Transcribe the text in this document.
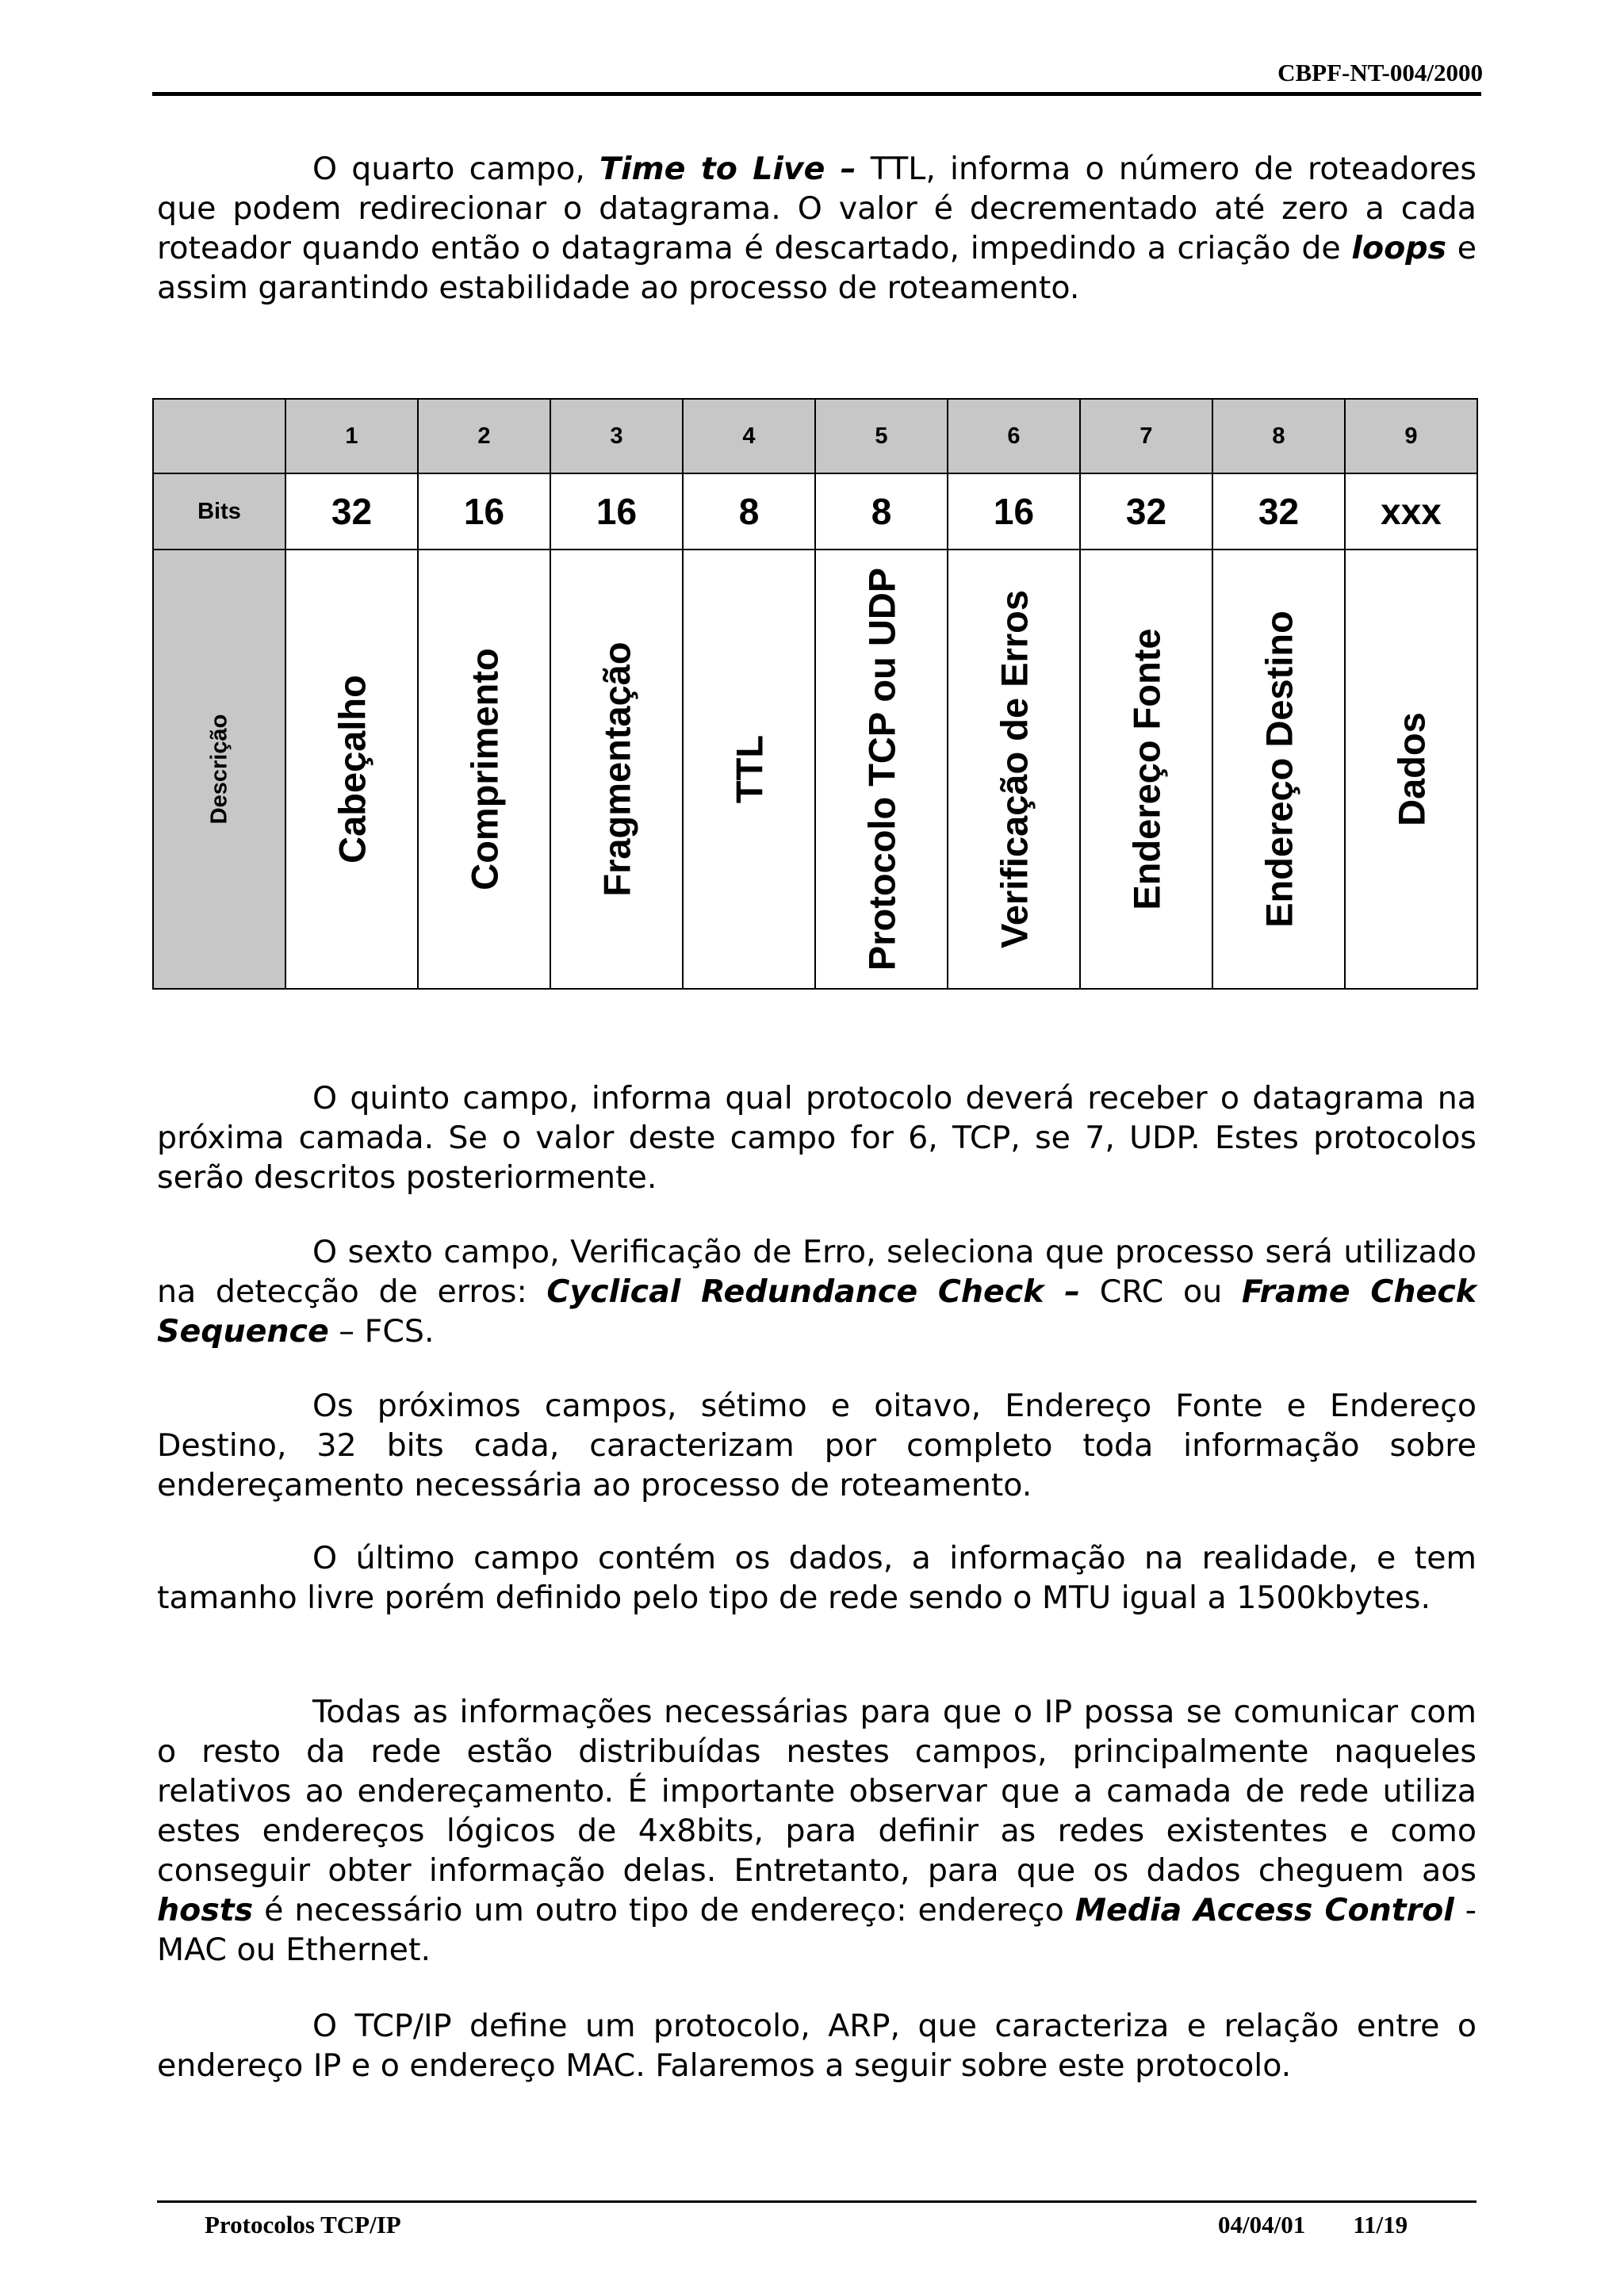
CBPF-NT-004/2000

O quarto campo, Time to Live – TTL, informa o número de roteadores que podem redirecionar o datagrama. O valor é decrementado até zero a cada roteador quando então o datagrama é descartado, impedindo a criação de loops e assim garantindo estabilidade ao processo de roteamento.

	1	2	3	4	5	6	7	8	9
Bits	32	16	16	8	8	16	32	32	xxx

Descrição	Cabeçalho	Comprimento	Fragmentação	TTL	Protocolo TCP ou UDP	Verificação de Erros	Endereço Fonte	Endereço Destino	Dados

O quinto campo, informa qual protocolo deverá receber o datagrama na próxima camada. Se o valor deste campo for 6, TCP, se 7, UDP. Estes protocolos serão descritos posteriormente.

O sexto campo, Verificação de Erro, seleciona que processo será utilizado na detecção de erros: Cyclical Redundance Check – CRC ou Frame Check Sequence – FCS.

Os próximos campos, sétimo e oitavo, Endereço Fonte e Endereço Destino, 32 bits cada, caracterizam por completo toda informação sobre endereçamento necessária ao processo de roteamento.

O último campo contém os dados, a informação na realidade, e tem tamanho livre porém definido pelo tipo de rede sendo o MTU igual a 1500kbytes.

Todas as informações necessárias para que o IP possa se comunicar com o resto da rede estão distribuídas nestes campos, principalmente naqueles relativos ao endereçamento. É importante observar que a camada de rede utiliza estes endereços lógicos de 4x8bits, para definir as redes existentes e como conseguir obter informação delas. Entretanto, para que os dados cheguem aos hosts é necessário um outro tipo de endereço: endereço Media Access Control - MAC ou Ethernet.

O TCP/IP define um protocolo, ARP, que caracteriza e relação entre o endereço IP e o endereço MAC. Falaremos a seguir sobre este protocolo.

Protocolos TCP/IP	04/04/01 11/19
